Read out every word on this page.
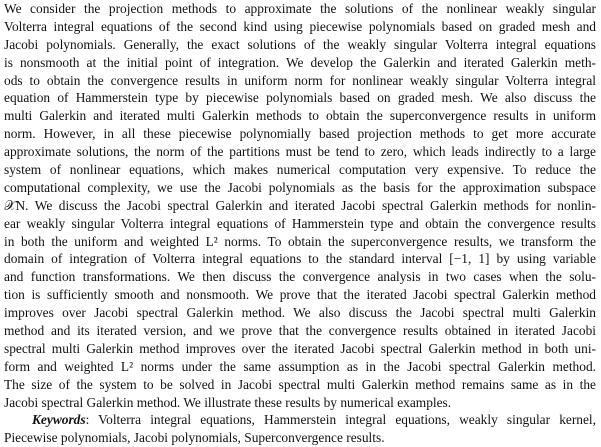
We consider the projection methods to approximate the solutions of the nonlinear weakly singular
Volterra integral equations of the second kind using piecewise polynomials based on graded mesh and
Jacobi polynomials. Generally, the exact solutions of the weakly singular Volterra integral equations
is nonsmooth at the initial point of integration. We develop the Galerkin and iterated Galerkin meth-
ods to obtain the convergence results in uniform norm for nonlinear weakly singular Volterra integral
equation of Hammerstein type by piecewise polynomials based on graded mesh. We also discuss the
multi Galerkin and iterated multi Galerkin methods to obtain the superconvergence results in uniform
norm. However, in all these piecewise polynomially based projection methods to get more accurate
approximate solutions, the norm of the partitions must be tend to zero, which leads indirectly to a large
system of nonlinear equations, which makes numerical computation very expensive. To reduce the
computational complexity, we use the Jacobi polynomials as the basis for the approximation subspace
𝒳N. We discuss the Jacobi spectral Galerkin and iterated Jacobi spectral Galerkin methods for nonlin-
ear weakly singular Volterra integral equations of Hammerstein type and obtain the convergence results
in both the uniform and weighted L² norms. To obtain the superconvergence results, we transform the
domain of integration of Volterra integral equations to the standard interval [−1, 1] by using variable
and function transformations. We then discuss the convergence analysis in two cases when the solu-
tion is sufficiently smooth and nonsmooth. We prove that the iterated Jacobi spectral Galerkin method
improves over Jacobi spectral Galerkin method. We also discuss the Jacobi spectral multi Galerkin
method and its iterated version, and we prove that the convergence results obtained in iterated Jacobi
spectral multi Galerkin method improves over the iterated Jacobi spectral Galerkin method in both uni-
form and weighted L² norms under the same assumption as in the Jacobi spectral Galerkin method.
The size of the system to be solved in Jacobi spectral multi Galerkin method remains same as in the
Jacobi spectral Galerkin method. We illustrate these results by numerical examples.
Keywords: Volterra integral equations, Hammerstein integral equations, weakly singular kernel,
Piecewise polynomials, Jacobi polynomials, Superconvergence results.
